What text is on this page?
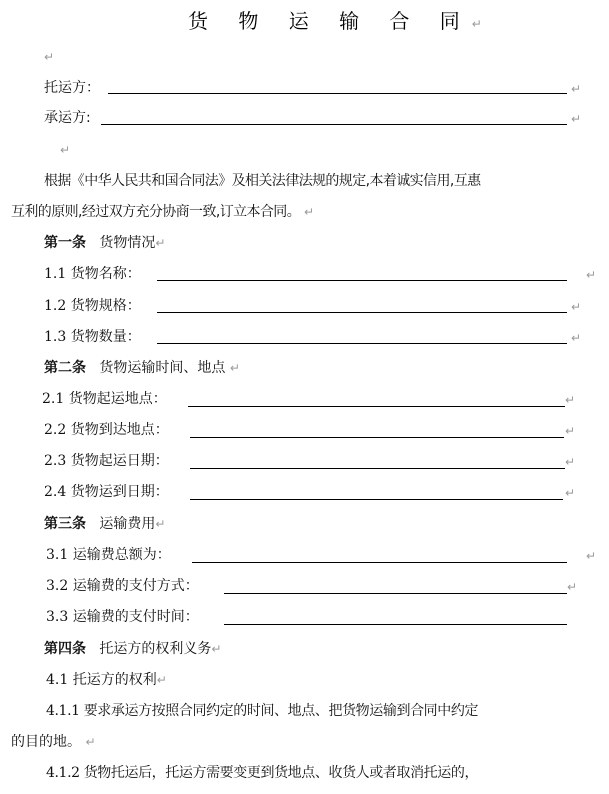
货 物 运 输 合 同↵
↵
托运方：	↵
承运方:	↵
↵
根据《中华人民共和国合同法》及相关法律法规的规定,本着诚实信用,互惠
互利的原则,经过双方充分协商一致,订立本合同。 ↵
第一条 货物情况↵
1.1 货物名称：	↵
1.2 货物规格：	↵
1.3 货物数量：	↵
第二条 货物运输时间、地点 ↵
2.1 货物起运地点：	↵
2.2 货物到达地点：	↵
2.3 货物起运日期：	↵
2.4 货物运到日期：	↵
第三条 运输费用↵
3.1 运输费总额为：	↵
3.2 运输费的支付方式：	↵
3.3 运输费的支付时间：
第四条 托运方的权利义务↵
4.1 托运方的权利↵
4.1.1 要求承运方按照合同约定的时间、地点、把货物运输到合同中约定
的目的地。 ↵
4.1.2 货物托运后，托运方需要变更到货地点、收货人或者取消托运的，
